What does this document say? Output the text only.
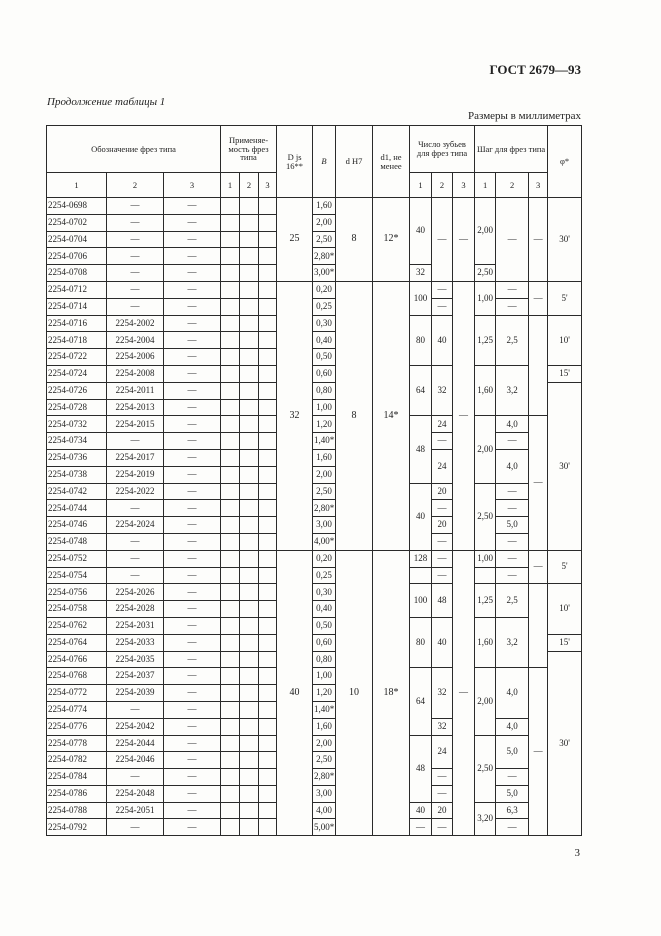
ГОСТ 2679—93
Продолжение таблицы 1
Размеры в миллиметрах
Обозначение фрез типа			Применяе-мость фрез типа			D js 16**	B	d H7	d1, не менее	Число зубьев для фрез типа			Шаг для фрез типа			φ*
1	2	3	1	2	3					1	2	3	1	2	3	
2254-0698	—	—				25	1,60	8	12*	40	—	—	2,00	—	—	30'
2254-0702	—	—					2,00									
2254-0704	—	—					2,50									
2254-0706	—	—					2,80*									
2254-0708	—	—					3,00*			32			2,50			
2254-0712	—	—				32	0,20	8	14*	100	—	—	1,00	—	—	5'
2254-0714	—	—					0,25				—			—		
2254-0716	2254-2002	—					0,30			80	40		1,25	2,5		10'
2254-0718	2254-2004	—					0,40									
2254-0722	2254-2006	—					0,50									
2254-0724	2254-2008	—					0,60			64	32		1,60	3,2		15'
2254-0726	2254-2011	—					0,80									30'
2254-0728	2254-2013	—					1,00									
2254-0732	2254-2015	—					1,20			48	24		2,00	4,0	—	
2254-0734	—	—					1,40*				—			—		
2254-0736	2254-2017	—					1,60				24			4,0		
2254-0738	2254-2019	—					2,00									
2254-0742	2254-2022	—					2,50			40	20		2,50	—		
2254-0744	—	—					2,80*				—			—		
2254-0746	2254-2024	—					3,00				20			5,0		
2254-0748	—	—					4,00*				—			—		
2254-0752	—	—				40	0,20	10	18*	128	—	—	1,00	—	—	5'
2254-0754	—	—					0,25				—			—		
2254-0756	2254-2026	—					0,30			100	48		1,25	2,5		10'
2254-0758	2254-2028	—					0,40									
2254-0762	2254-2031	—					0,50			80	40		1,60	3,2		
2254-0764	2254-2033	—					0,60									15'
2254-0766	2254-2035	—					0,80									30'
2254-0768	2254-2037	—					1,00			64	32		2,00	4,0	—	
2254-0772	2254-2039	—					1,20									
2254-0774	—	—					1,40*									
2254-0776	2254-2042	—					1,60				32			4,0		
2254-0778	2254-2044	—					2,00			48	24		2,50	5,0		
2254-0782	2254-2046	—					2,50									
2254-0784	—	—					2,80*				—			—		
2254-0786	2254-2048	—					3,00				—			5,0		
2254-0788	2254-2051	—					4,00			40	20		3,20	6,3		
2254-0792	—	—					5,00*			—	—			—		
3
